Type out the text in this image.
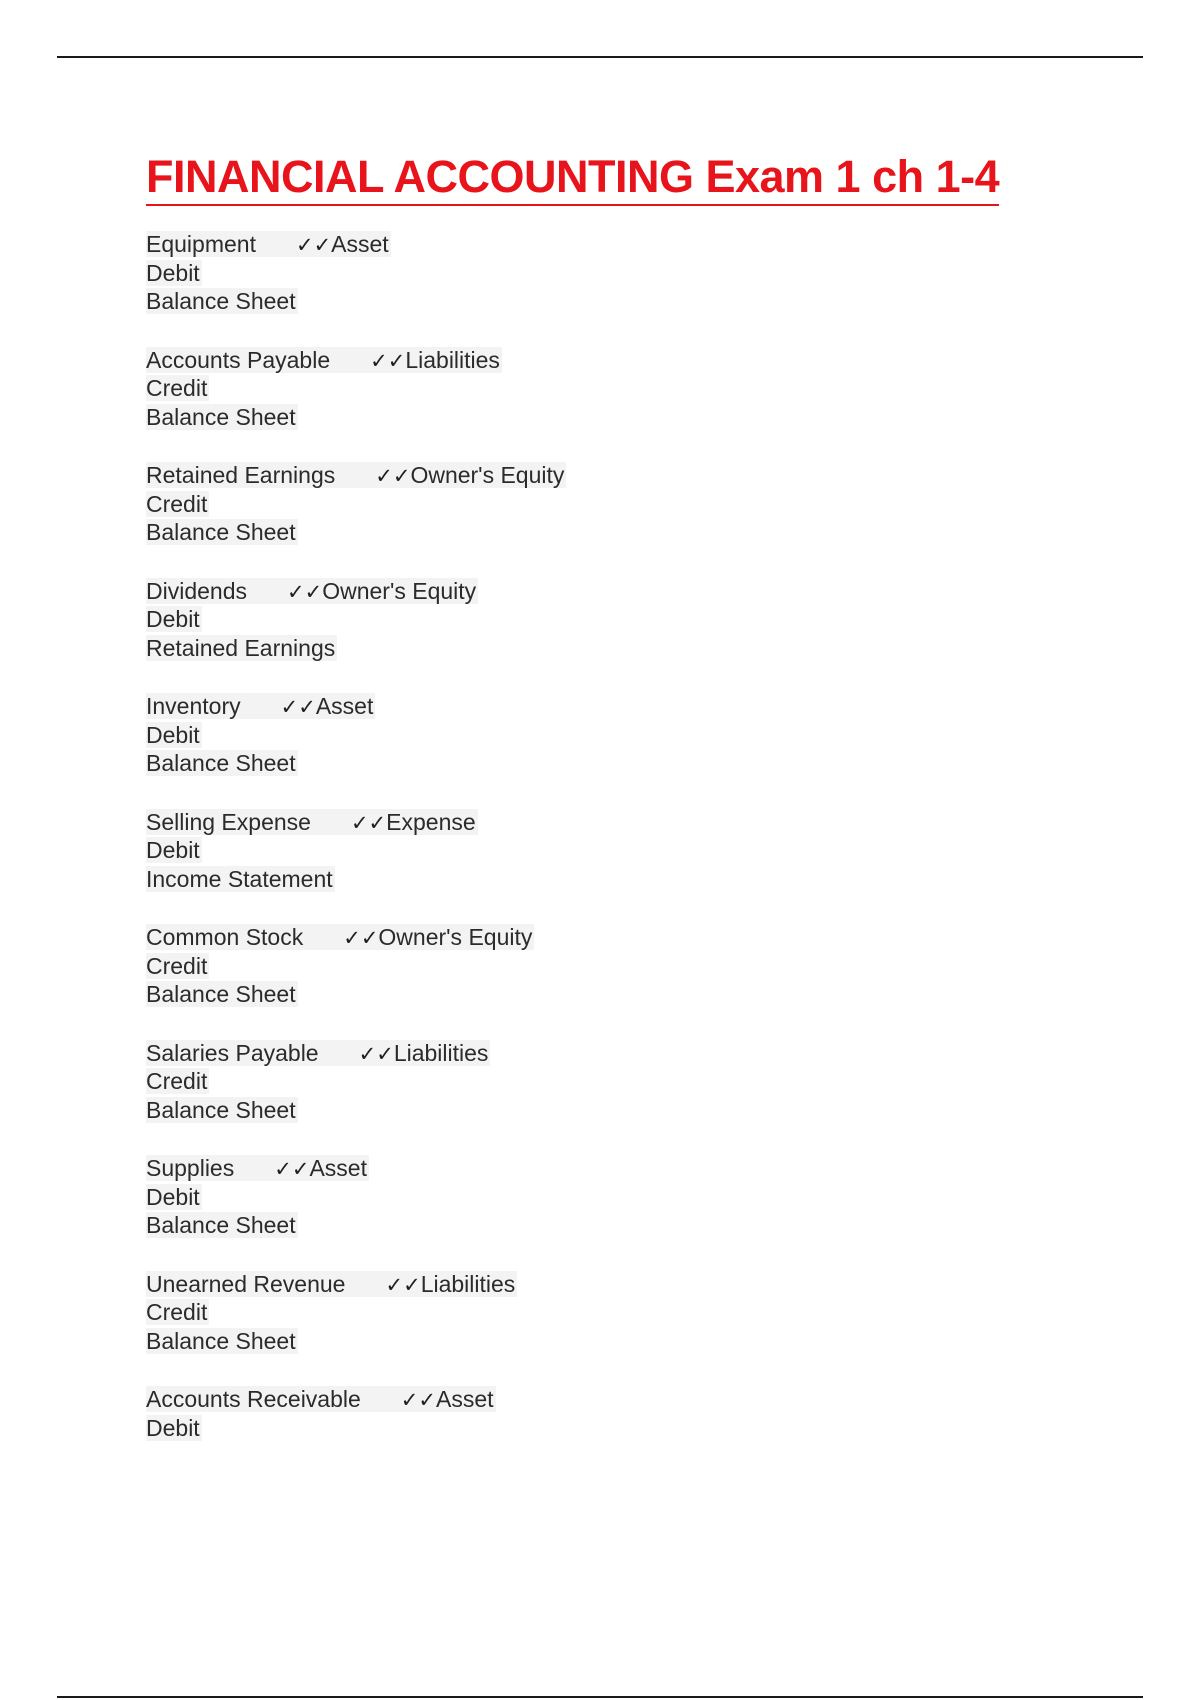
FINANCIAL ACCOUNTING Exam 1 ch 1-4
Equipment ✓✓Asset
Debit
Balance Sheet
Accounts Payable ✓✓Liabilities
Credit
Balance Sheet
Retained Earnings ✓✓Owner's Equity
Credit
Balance Sheet
Dividends ✓✓Owner's Equity
Debit
Retained Earnings
Inventory ✓✓Asset
Debit
Balance Sheet
Selling Expense ✓✓Expense
Debit
Income Statement
Common Stock ✓✓Owner's Equity
Credit
Balance Sheet
Salaries Payable ✓✓Liabilities
Credit
Balance Sheet
Supplies ✓✓Asset
Debit
Balance Sheet
Unearned Revenue ✓✓Liabilities
Credit
Balance Sheet
Accounts Receivable ✓✓Asset
Debit
